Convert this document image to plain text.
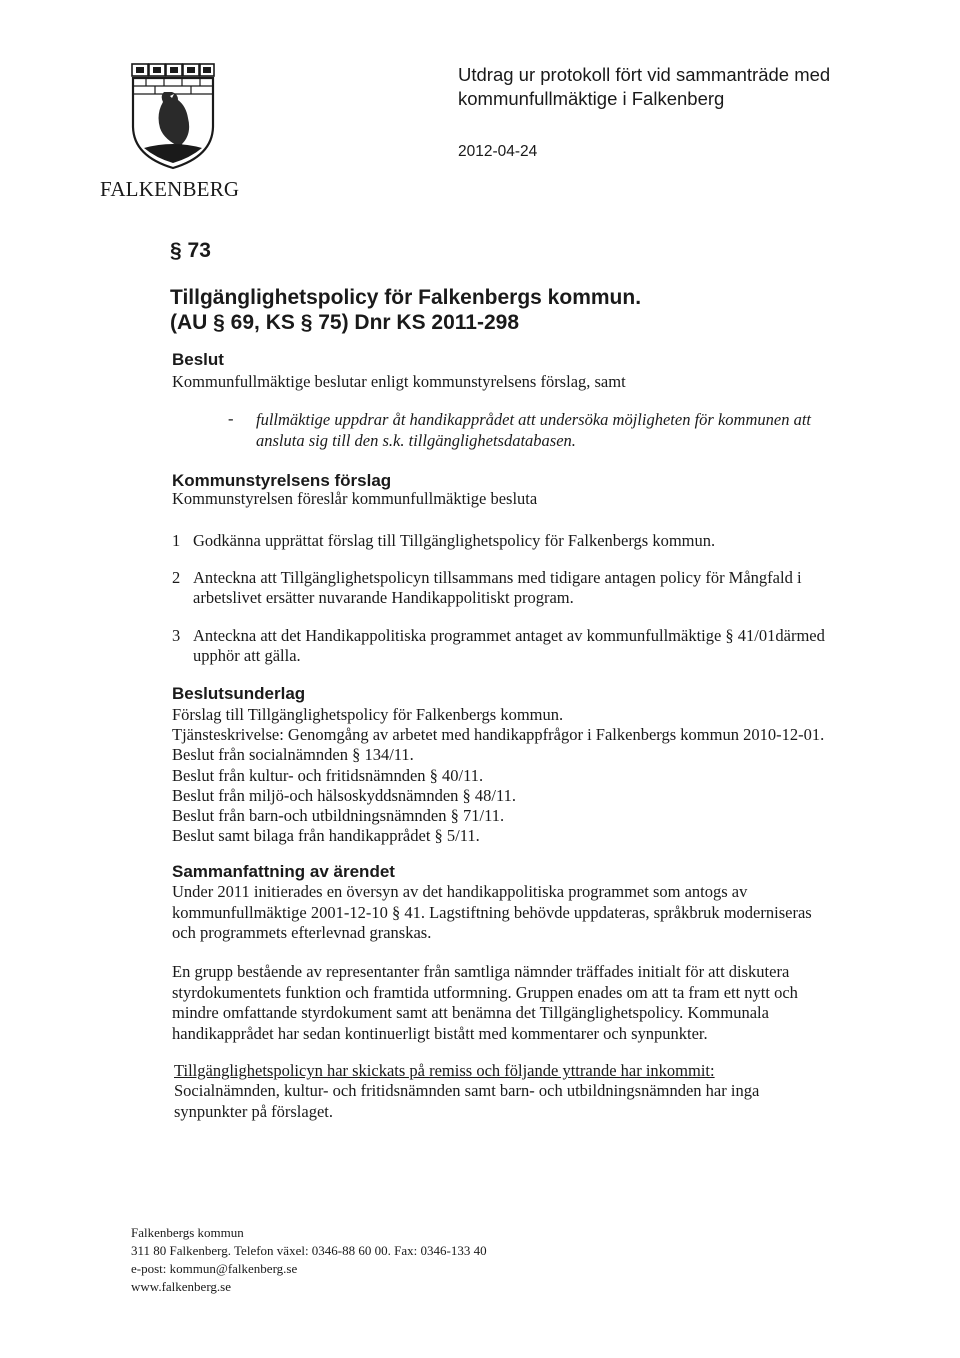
FALKENBERG
Utdrag ur protokoll fört vid sammanträde med
kommunfullmäktige i Falkenberg
2012-04-24
§ 73
Tillgänglighetspolicy för Falkenbergs kommun.
(AU § 69, KS § 75) Dnr KS 2011-298
Beslut
Kommunfullmäktige beslutar enligt kommunstyrelsens förslag, samt
- fullmäktige uppdrar åt handikapprådet att undersöka möjligheten för kommunen att
ansluta sig till den s.k. tillgänglighetsdatabasen.
Kommunstyrelsens förslag
Kommunstyrelsen föreslår kommunfullmäktige besluta
1 Godkänna upprättat förslag till Tillgänglighetspolicy för Falkenbergs kommun.
2 Anteckna att Tillgänglighetspolicyn tillsammans med tidigare antagen policy för Mångfald i
arbetslivet ersätter nuvarande Handikappolitiskt program.
3 Anteckna att det Handikappolitiska programmet antaget av kommunfullmäktige § 41/01därmed
upphör att gälla.
Beslutsunderlag
Förslag till Tillgänglighetspolicy för Falkenbergs kommun.
Tjänsteskrivelse: Genomgång av arbetet med handikappfrågor i Falkenbergs kommun 2010-12-01.
Beslut från socialnämnden § 134/11.
Beslut från kultur- och fritidsnämnden § 40/11.
Beslut från miljö-och hälsoskyddsnämnden § 48/11.
Beslut från barn-och utbildningsnämnden § 71/11.
Beslut samt bilaga från handikapprådet § 5/11.
Sammanfattning av ärendet

Under 2011 initierades en översyn av det handikappolitiska programmet som antogs av

kommunfullmäktige 2001-12-10 § 41. Lagstiftning behövde uppdateras, språkbruk moderniseras

och programmets efterlevnad granskas.

En grupp bestående av representanter från samtliga nämnder träffades initialt för att diskutera

styrdokumentets funktion och framtida utformning. Gruppen enades om att ta fram ett nytt och

mindre omfattande styrdokument samt att benämna det Tillgänglighetspolicy. Kommunala

handikapprådet har sedan kontinuerligt bistått med kommentarer och synpunkter.

Tillgänglighetspolicyn har skickats på remiss och följande yttrande har inkommit:

Socialnämnden, kultur- och fritidsnämnden samt barn- och utbildningsnämnden har inga

synpunkter på förslaget.

Falkenbergs kommun
311 80 Falkenberg. Telefon växel: 0346-88 60 00. Fax: 0346-133 40
e-post: kommun@falkenberg.se
www.falkenberg.se
